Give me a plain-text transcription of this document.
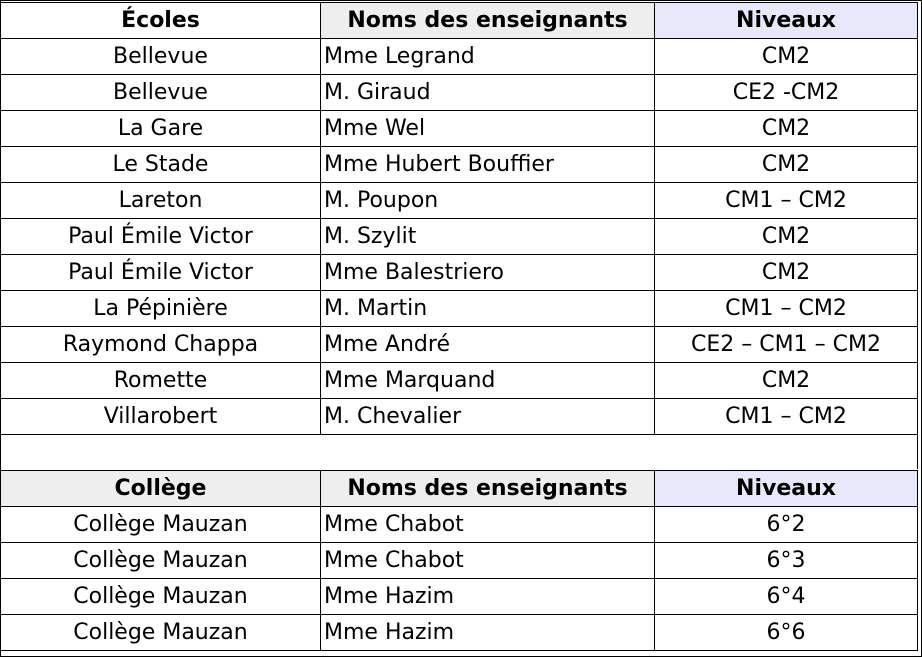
Écoles	Noms des enseignants	Niveaux
Bellevue	Mme Legrand	CM2
Bellevue	M. Giraud	CE2 -CM2
La Gare	Mme Wel	CM2
Le Stade	Mme Hubert Bouffier	CM2
Lareton	M. Poupon	CM1 – CM2
Paul Émile Victor	M. Szylit	CM2
Paul Émile Victor	Mme Balestriero	CM2
La Pépinière	M. Martin	CM1 – CM2
Raymond Chappa	Mme André	CE2 – CM1 – CM2
Romette	Mme Marquand	CM2
Villarobert	M. Chevalier	CM1 – CM2
Collège	Noms des enseignants	Niveaux
Collège Mauzan	Mme Chabot	6°2
Collège Mauzan	Mme Chabot	6°3
Collège Mauzan	Mme Hazim	6°4
Collège Mauzan	Mme Hazim	6°6
